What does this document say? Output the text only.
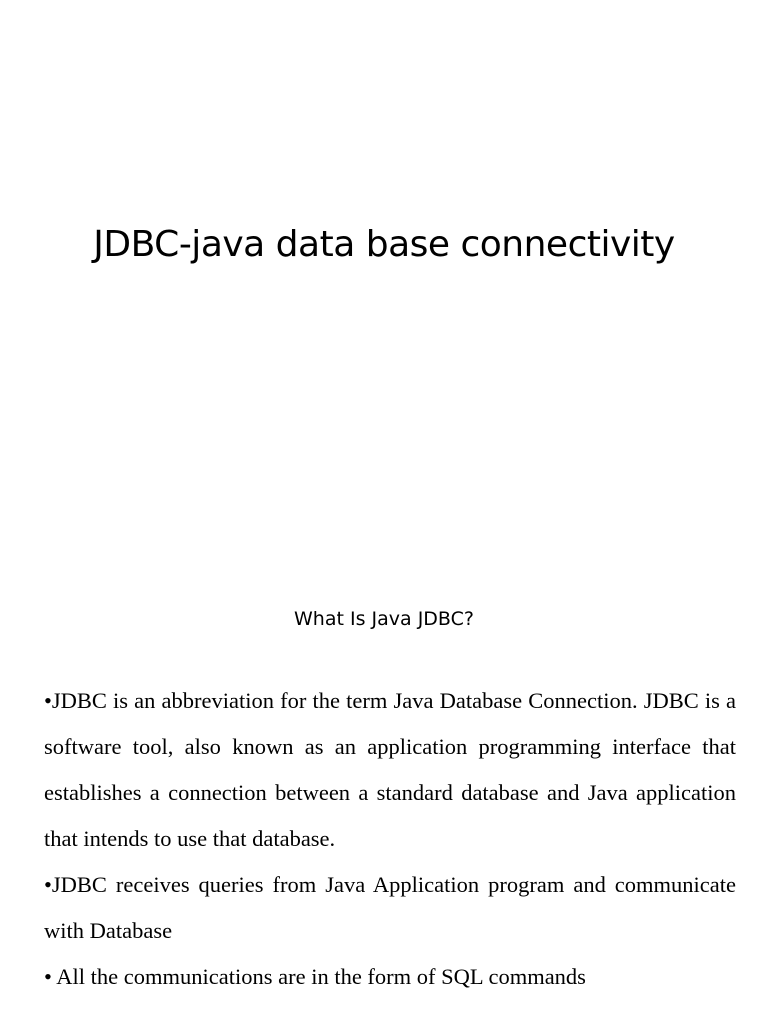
JDBC-java data base connectivity
What Is Java JDBC?

•JDBC is an abbreviation for the term Java Database Connection. JDBC is a software tool, also known as an application programming interface that establishes a connection between a standard database and Java application that intends to use that database.

•JDBC receives queries from Java Application program and communicate with Database

• All the communications are in the form of SQL commands
